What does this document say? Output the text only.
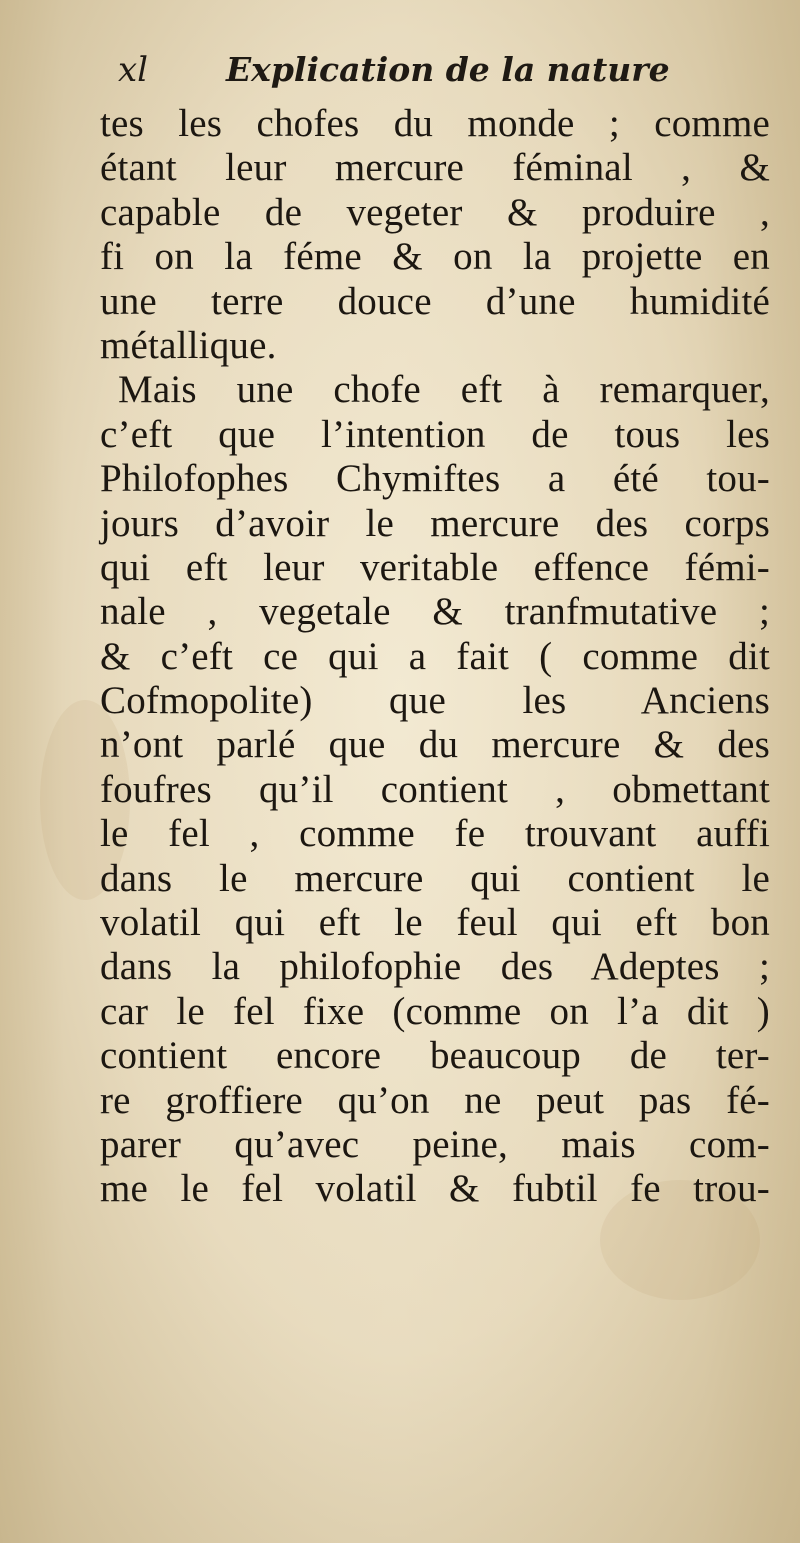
xl Explication de la nature
tes les chofes du monde ; comme
étant leur mercure féminal , &
capable de vegeter & produire ,
fi on la féme & on la projette en
une terre douce d’une humidité
métallique.
Mais une chofe eft à remarquer,
c’eft que l’intention de tous les
Philofophes Chymiftes a été tou-
jours d’avoir le mercure des corps
qui eft leur veritable effence fémi-
nale , vegetale & tranfmutative ;
& c’eft ce qui a fait ( comme dit
Cofmopolite) que les Anciens
n’ont parlé que du mercure & des
foufres qu’il contient , obmettant
le fel , comme fe trouvant auffi
dans le mercure qui contient le
volatil qui eft le feul qui eft bon
dans la philofophie des Adeptes ;
car le fel fixe (comme on l’a dit )
contient encore beaucoup de ter-
re groffiere qu’on ne peut pas fé-
parer qu’avec peine, mais com-
me le fel volatil & fubtil fe trou-
